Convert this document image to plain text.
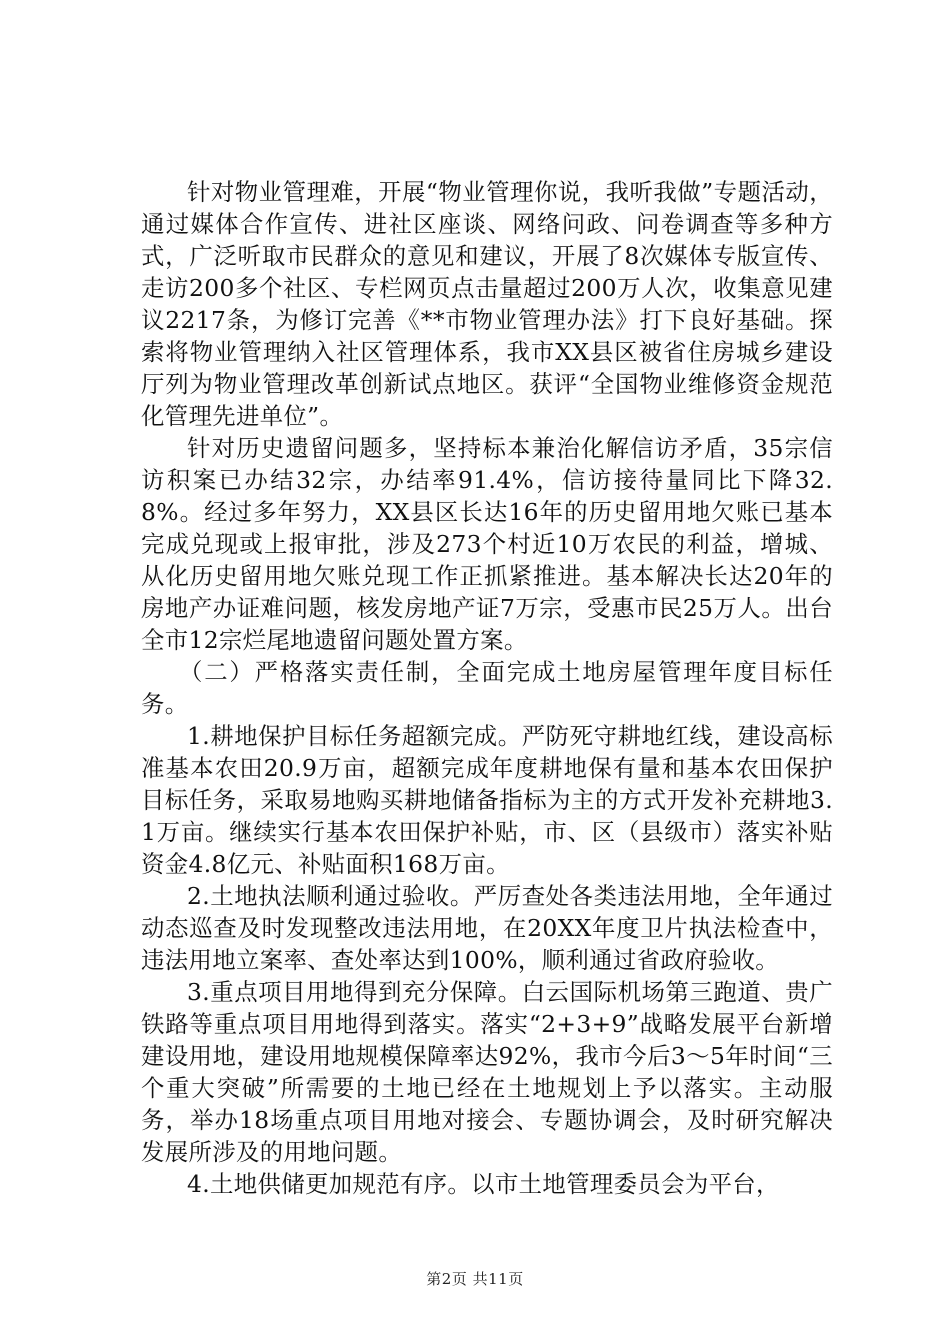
针对物业管理难，开展“物业管理你说，我听我做”专题活动，通过媒体合作宣传、进社区座谈、网络问政、问卷调查等多种方式，广泛听取市民群众的意见和建议，开展了8次媒体专版宣传、走访200多个社区、专栏网页点击量超过200万人次，收集意见建议2217条，为修订完善《**市物业管理办法》打下良好基础。探索将物业管理纳入社区管理体系，我市XX县区被省住房城乡建设厅列为物业管理改革创新试点地区。获评“全国物业维修资金规范化管理先进单位”。

针对历史遗留问题多，坚持标本兼治化解信访矛盾，35宗信访积案已办结32宗，办结率91.4%，信访接待量同比下降32.8%。经过多年努力，XX县区长达16年的历史留用地欠账已基本完成兑现或上报审批，涉及273个村近10万农民的利益，增城、从化历史留用地欠账兑现工作正抓紧推进。基本解决长达20年的房地产办证难问题，核发房地产证7万宗，受惠市民25万人。出台全市12宗烂尾地遗留问题处置方案。

（二）严格落实责任制，全面完成土地房屋管理年度目标任务。

1.耕地保护目标任务超额完成。严防死守耕地红线，建设高标准基本农田20.9万亩，超额完成年度耕地保有量和基本农田保护目标任务，采取易地购买耕地储备指标为主的方式开发补充耕地3.1万亩。继续实行基本农田保护补贴，市、区（县级市）落实补贴资金4.8亿元、补贴面积168万亩。

2.土地执法顺利通过验收。严厉查处各类违法用地，全年通过动态巡查及时发现整改违法用地，在20XX年度卫片执法检查中，违法用地立案率、查处率达到100%，顺利通过省政府验收。

3.重点项目用地得到充分保障。白云国际机场第三跑道、贵广铁路等重点项目用地得到落实。落实“2+3+9”战略发展平台新增建设用地，建设用地规模保障率达92%，我市今后3～5年时间“三个重大突破”所需要的土地已经在土地规划上予以落实。主动服务，举办18场重点项目用地对接会、专题协调会，及时研究解决发展所涉及的用地问题。

4.土地供储更加规范有序。以市土地管理委员会为平台，

第2页 共11页
